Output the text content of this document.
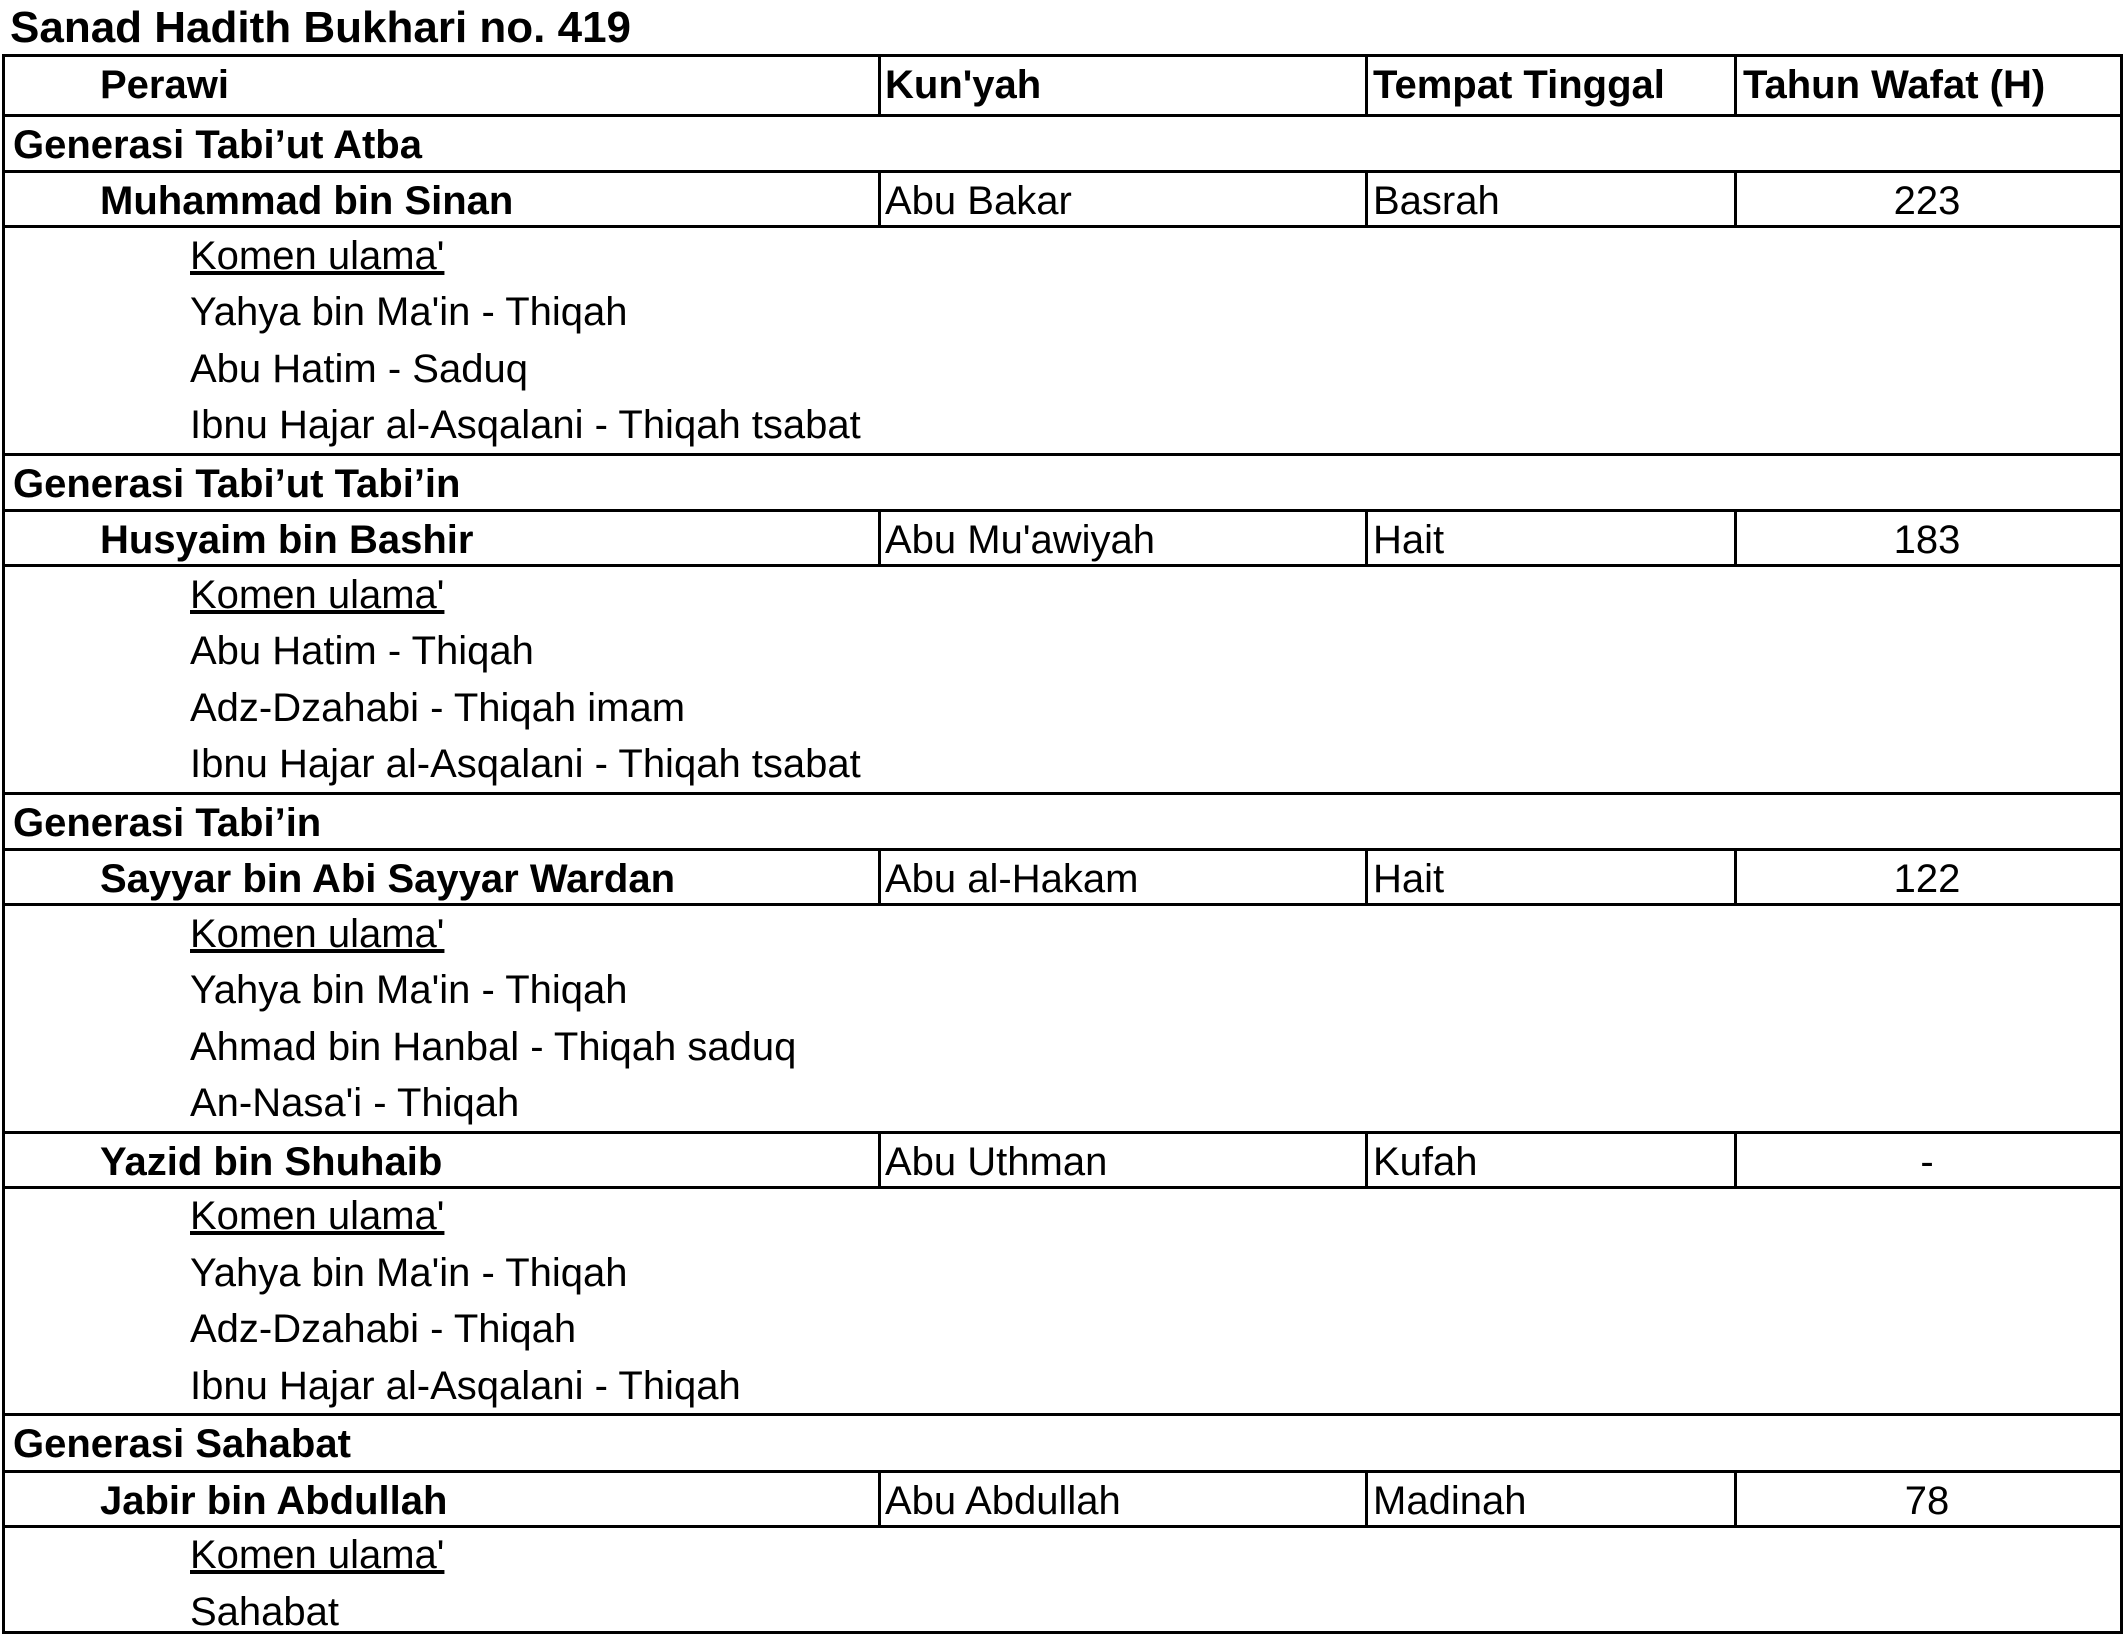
Sanad Hadith Bukhari no. 419
Perawi	Kun'yah	Tempat Tinggal	Tahun Wafat (H)
Generasi Tabi’ut Atba
Muhammad bin Sinan	Abu Bakar	Basrah	223
Komen ulama'
Yahya bin Ma'in - Thiqah
Abu Hatim - Saduq
Ibnu Hajar al-Asqalani - Thiqah tsabat
Generasi Tabi’ut Tabi’in
Husyaim bin Bashir	Abu Mu'awiyah	Hait	183
Komen ulama'
Abu Hatim - Thiqah
Adz-Dzahabi - Thiqah imam
Ibnu Hajar al-Asqalani - Thiqah tsabat
Generasi Tabi’in
Sayyar bin Abi Sayyar Wardan	Abu al-Hakam	Hait	122
Komen ulama'
Yahya bin Ma'in - Thiqah
Ahmad bin Hanbal - Thiqah saduq
An-Nasa'i - Thiqah
Yazid bin Shuhaib	Abu Uthman	Kufah	-
Komen ulama'
Yahya bin Ma'in - Thiqah
Adz-Dzahabi - Thiqah
Ibnu Hajar al-Asqalani - Thiqah
Generasi Sahabat
Jabir bin Abdullah	Abu Abdullah	Madinah	78
Komen ulama'
Sahabat
